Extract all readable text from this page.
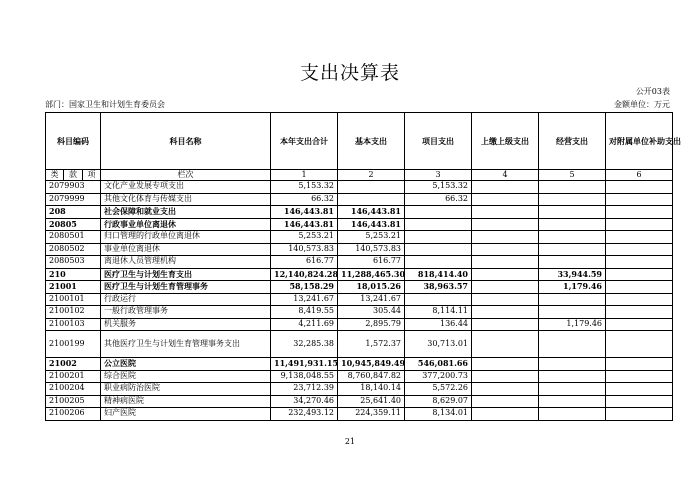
支出决算表
公开03表
部门：国家卫生和计划生育委员会	金额单位：万元
科目编码			科目名称	本年支出合计	基本支出	项目支出	上缴上级支出	经营支出	对附属单位补助支出
类	款	项	栏次	1	2	3	4	5	6
2079903			文化产业发展专项支出	5,153.32		5,153.32			
2079999			其他文化体育与传媒支出	66.32		66.32			
208			社会保障和就业支出	146,443.81	146,443.81				
20805			行政事业单位离退休	146,443.81	146,443.81				
2080501			归口管理的行政单位离退休	5,253.21	5,253.21				
2080502			事业单位离退休	140,573.83	140,573.83				
2080503			离退休人员管理机构	616.77	616.77				
210			医疗卫生与计划生育支出	12,140,824.28	11,288,465.30	818,414.40		33,944.59	
21001			医疗卫生与计划生育管理事务	58,158.29	18,015.26	38,963.57		1,179.46	
2100101			行政运行	13,241.67	13,241.67				
2100102			一般行政管理事务	8,419.55	305.44	8,114.11			
2100103			机关服务	4,211.69	2,895.79	136.44		1,179.46	
2100199			其他医疗卫生与计划生育管理事务支出	32,285.38	1,572.37	30,713.01			
21002			公立医院	11,491,931.15	10,945,849.49	546,081.66			
2100201			综合医院	9,138,048.55	8,760,847.82	377,200.73			
2100204			职业病防治医院	23,712.39	18,140.14	5,572.26			
2100205			精神病医院	34,270.46	25,641.40	8,629.07			
2100206			妇产医院	232,493.12	224,359.11	8,134.01			
21
